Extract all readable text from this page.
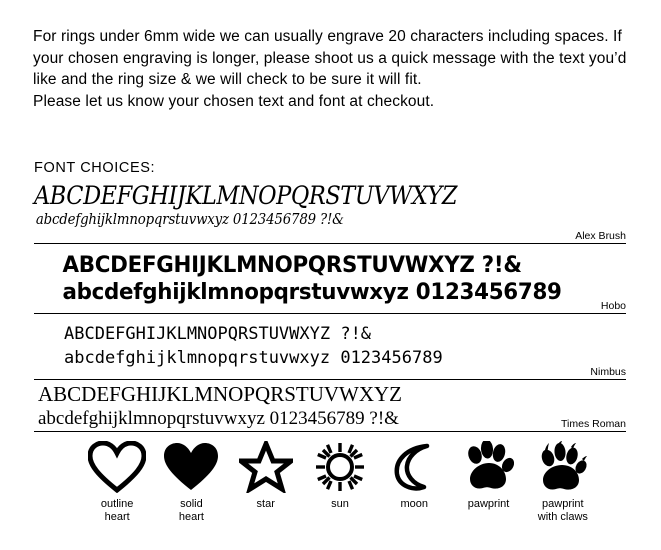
For rings under 6mm wide we can usually engrave 20 characters including spaces. If your chosen engraving is longer, please shoot us a quick message with the text you’d like and the ring size & we will check to be sure it will fit.

Please let us know your chosen text and font at checkout.

FONT CHOICES:
ABCDEFGHIJKLMNOPQRSTUVWXYZ
abcdefghijklmnopqrstuvwxyz 0123456789 ?!&
Alex Brush
ABCDEFGHIJKLMNOPQRSTUVWXYZ ?!&
abcdefghijklmnopqrstuvwxyz 0123456789
Hobo
ABCDEFGHIJKLMNOPQRSTUVWXYZ ?!&
abcdefghijklmnopqrstuvwxyz 0123456789
Nimbus
ABCDEFGHIJKLMNOPQRSTUVWXYZ
abcdefghijklmnopqrstuvwxyz 0123456789 ?!&	Times Roman
outline
heart
solid
heart
star	sun	moon	pawprint	pawprint
with claws
